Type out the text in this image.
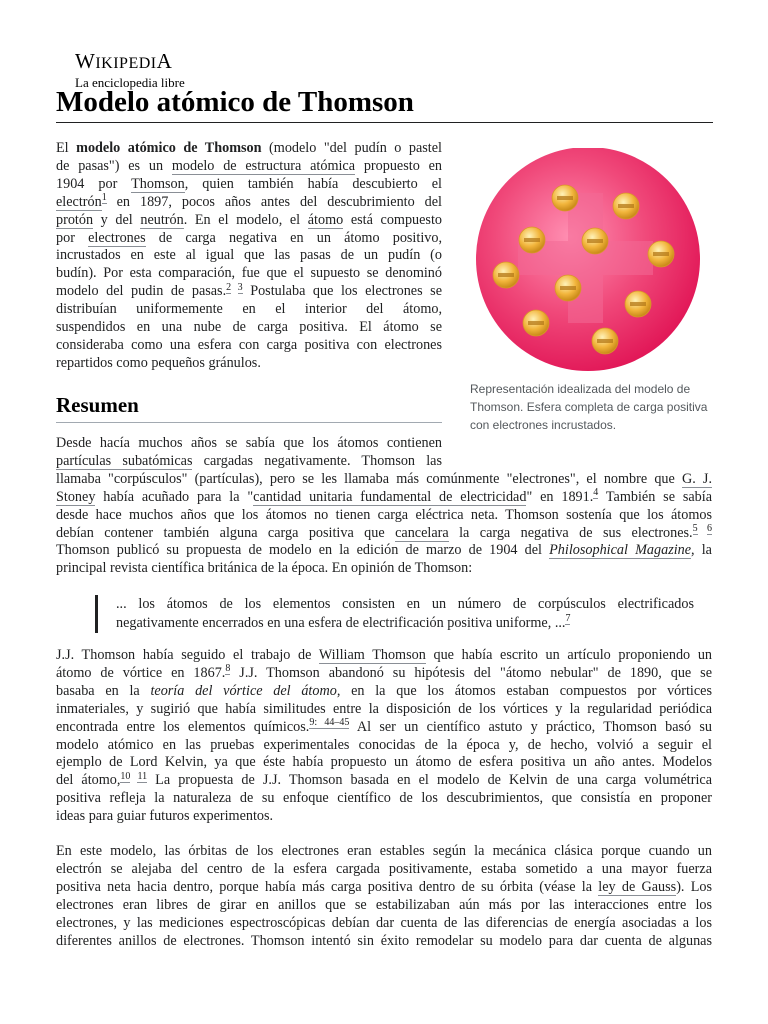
WIKIPEDIA
La enciclopedia libre
Modelo atómico de Thomson
El modelo atómico de Thomson (modelo "del pudín o pastel
de pasas") es un modelo de estructura atómica propuesto en
1904 por Thomson, quien también había descubierto el
electrón$^1$ en 1897, pocos años antes del descubrimiento del
protón y del neutrón. En el modelo, el átomo está compuesto
por electrones de carga negativa en un átomo positivo,
incrustados en este al igual que las pasas de un pudín (o
budín). Por esta comparación, fue que el supuesto se denominó
modelo del pudin de pasas.$^{2 3}$ Postulaba que los electrones se
distribuían uniformemente en el interior del átomo,
suspendidos en una nube de carga positiva. El átomo se
consideraba como una esfera con carga positiva con electrones
repartidos como pequeños gránulos.
Representación idealizada del modelo de Thomson. Esfera completa de carga positiva con electrones incrustados.
Resumen
Desde hacía muchos años se sabía que los átomos contienen
partículas subatómicas cargadas negativamente. Thomson las
llamaba "corpúsculos" (partículas), pero se les llamaba más comúnmente "electrones", el nombre que G. J.
Stoney había acuñado para la "cantidad unitaria fundamental de electricidad" en 1891.$^4$ También se sabía
desde hace muchos años que los átomos no tienen carga eléctrica neta. Thomson sostenía que los átomos
debían contener también alguna carga positiva que cancelara la carga negativa de sus electrones.$^{5 6}$
Thomson publicó su propuesta de modelo en la edición de marzo de 1904 del Philosophical Magazine, la
principal revista científica británica de la época. En opinión de Thomson:
... los átomos de los elementos consisten en un número de corpúsculos electrificados
negativamente encerrados en una esfera de electrificación positiva uniforme, ...$^7$
J.J. Thomson había seguido el trabajo de William Thomson que había escrito un artículo proponiendo un
átomo de vórtice en 1867.$^8$ J.J. Thomson abandonó su hipótesis del "átomo nebular" de 1890, que se
basaba en la teoría del vórtice del átomo, en la que los átomos estaban compuestos por vórtices
inmateriales, y sugirió que había similitudes entre la disposición de los vórtices y la regularidad periódica
encontrada entre los elementos químicos.$^{9: 44-45}$ Al ser un científico astuto y práctico, Thomson basó su
modelo atómico en las pruebas experimentales conocidas de la época y, de hecho, volvió a seguir el
ejemplo de Lord Kelvin, ya que éste había propuesto un átomo de esfera positiva un año antes. Modelos
del átomo,$^{10 11}$ La propuesta de J.J. Thomson basada en el modelo de Kelvin de una carga volumétrica
positiva refleja la naturaleza de su enfoque científico de los descubrimientos, que consistía en proponer
ideas para guiar futuros experimentos.
En este modelo, las órbitas de los electrones eran estables según la mecánica clásica porque cuando un
electrón se alejaba del centro de la esfera cargada positivamente, estaba sometido a una mayor fuerza
positiva neta hacia dentro, porque había más carga positiva dentro de su órbita (véase la ley de Gauss). Los
electrones eran libres de girar en anillos que se estabilizaban aún más por las interacciones entre los
electrones, y las mediciones espectroscópicas debían dar cuenta de las diferencias de energía asociadas a los
diferentes anillos de electrones. Thomson intentó sin éxito remodelar su modelo para dar cuenta de algunas
